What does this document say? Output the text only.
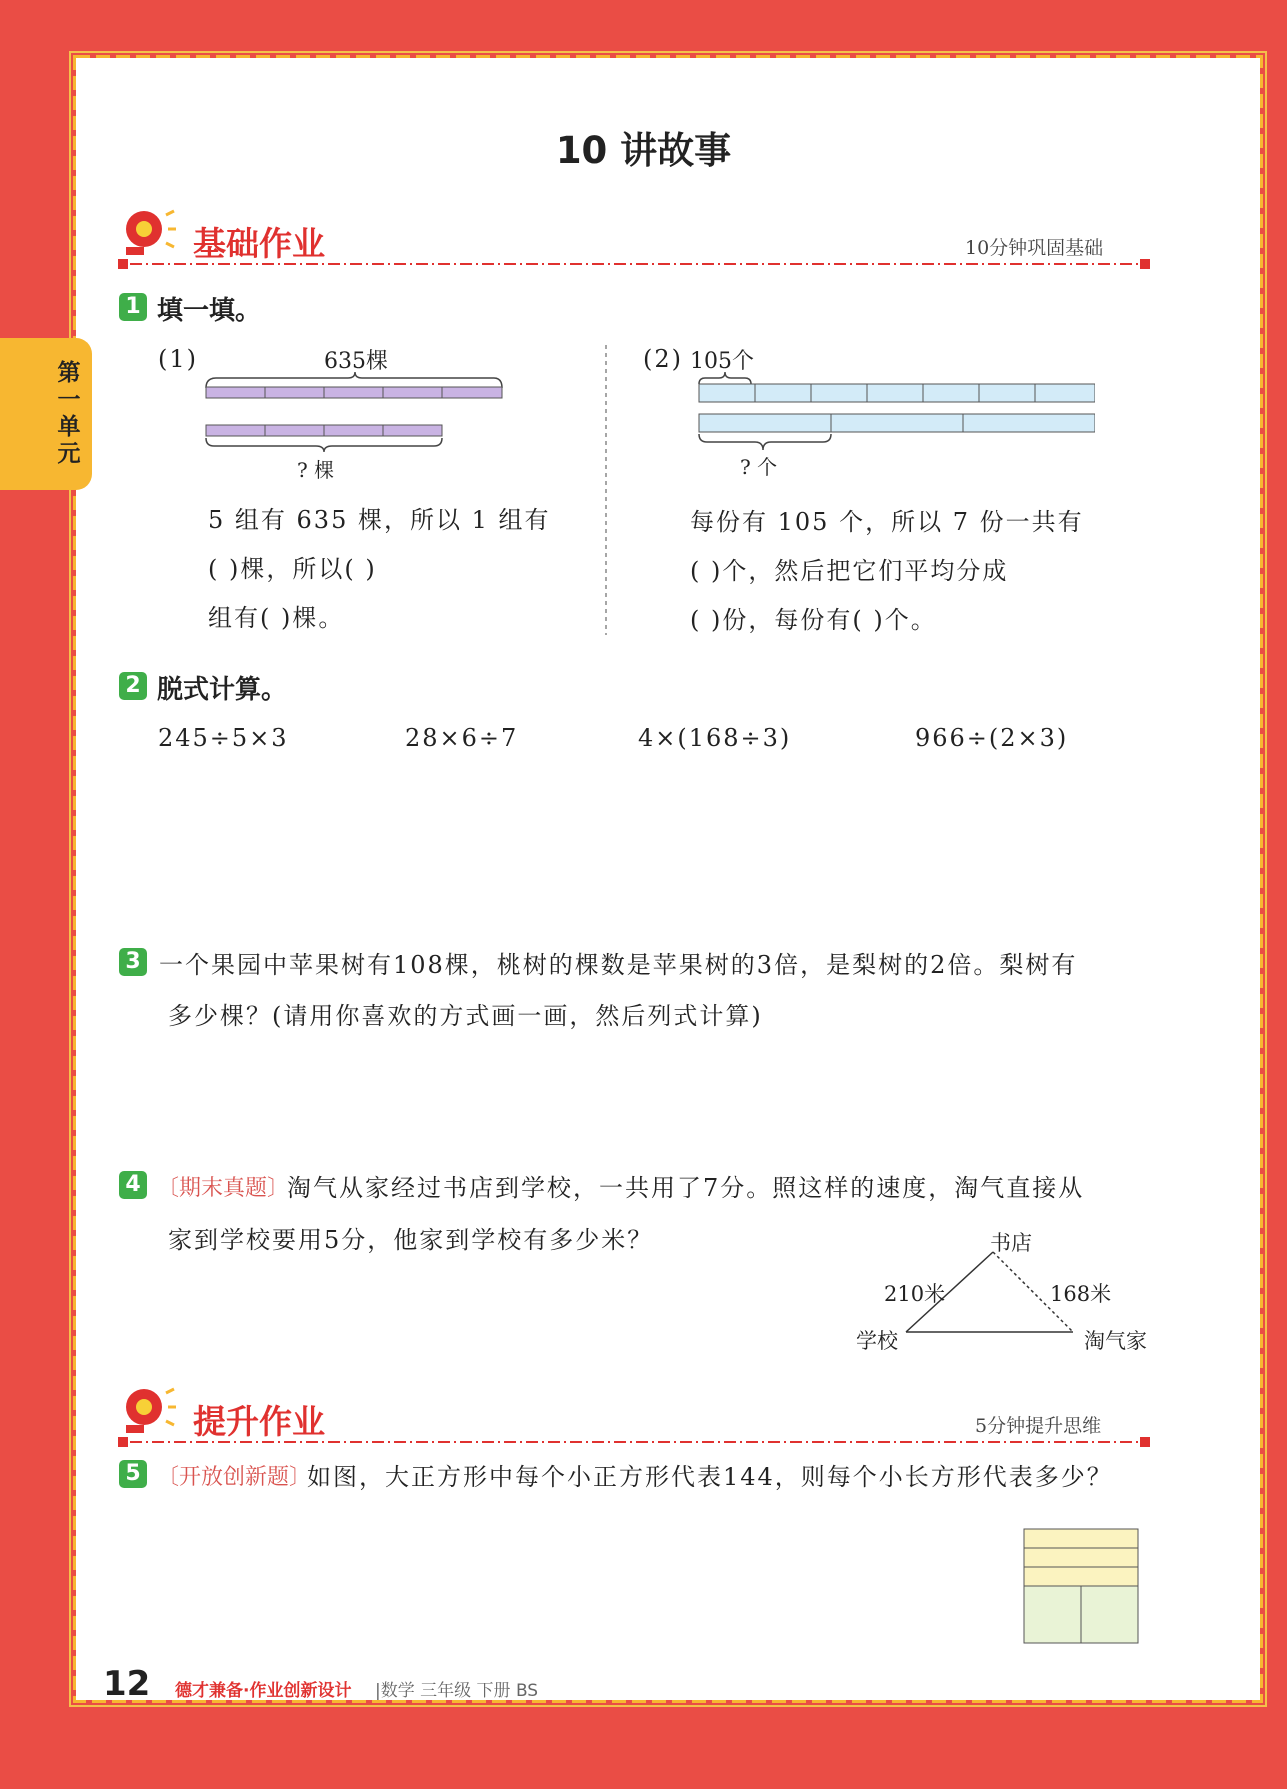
第一单元
10 讲故事
基础作业	10分钟巩固基础
1 填一填。
(1)	635棵
? 棵
5 组有 635 棵，所以 1 组有
( )棵，所以( )
组有( )棵。
(2) 105个
? 个
每份有 105 个，所以 7 份一共有
( )个，然后把它们平均分成
( )份，每份有( )个。
2 脱式计算。
245÷5×3	28×6÷7	4×(168÷3)	966÷(2×3)
3 一个果园中苹果树有108棵，桃树的棵数是苹果树的3倍，是梨树的2倍。梨树有
多少棵？(请用你喜欢的方式画一画，然后列式计算)
4 〔期末真题〕
淘气从家经过书店到学校，一共用了7分。照这样的速度，淘气直接从
家到学校要用5分，他家到学校有多少米？	书店
210米	168米
学校	淘气家
提升作业	5分钟提升思维
5 〔开放创新题〕
如图，大正方形中每个小正方形代表144，则每个小长方形代表多少？
12 德才兼备·作业创新设计 |数学 三年级 下册 BS
